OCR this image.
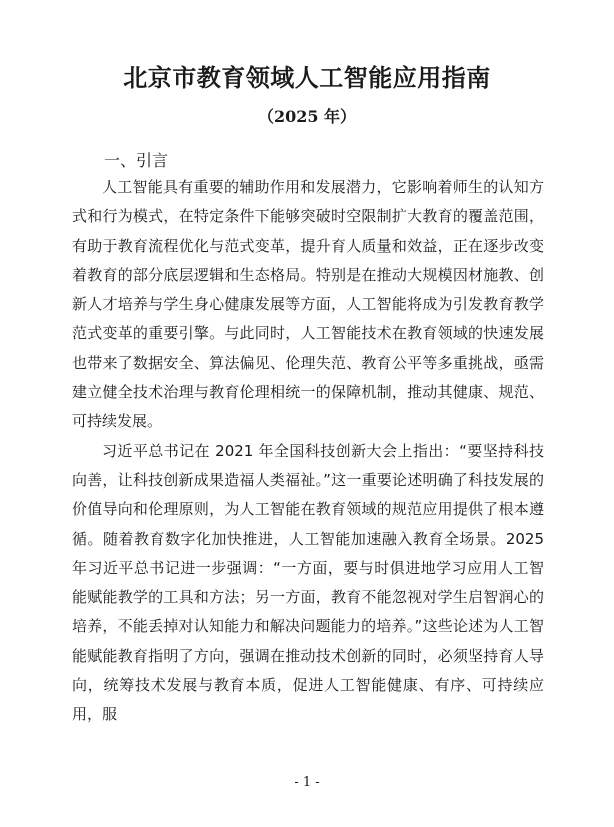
北京市教育领域人工智能应用指南
（2025 年）
一、引言

人工智能具有重要的辅助作用和发展潜力，它影响着师生的认知方式和行为模式，在特定条件下能够突破时空限制扩大教育的覆盖范围，有助于教育流程优化与范式变革，提升育人质量和效益，正在逐步改变着教育的部分底层逻辑和生态格局。特别是在推动大规模因材施教、创新人才培养与学生身心健康发展等方面，人工智能将成为引发教育教学范式变革的重要引擎。与此同时，人工智能技术在教育领域的快速发展也带来了数据安全、算法偏见、伦理失范、教育公平等多重挑战，亟需建立健全技术治理与教育伦理相统一的保障机制，推动其健康、规范、可持续发展。

习近平总书记在 2021 年全国科技创新大会上指出：“要坚持科技向善，让科技创新成果造福人类福祉。”这一重要论述明确了科技发展的价值导向和伦理原则，为人工智能在教育领域的规范应用提供了根本遵循。随着教育数字化加快推进，人工智能加速融入教育全场景。2025 年习近平总书记进一步强调：“一方面，要与时俱进地学习应用人工智能赋能教学的工具和方法；另一方面，教育不能忽视对学生启智润心的培养，不能丢掉对认知能力和解决问题能力的培养。”这些论述为人工智能赋能教育指明了方向，强调在推动技术创新的同时，必须坚持育人导向，统筹技术发展与教育本质，促进人工智能健康、有序、可持续应用，服

- 1 -
